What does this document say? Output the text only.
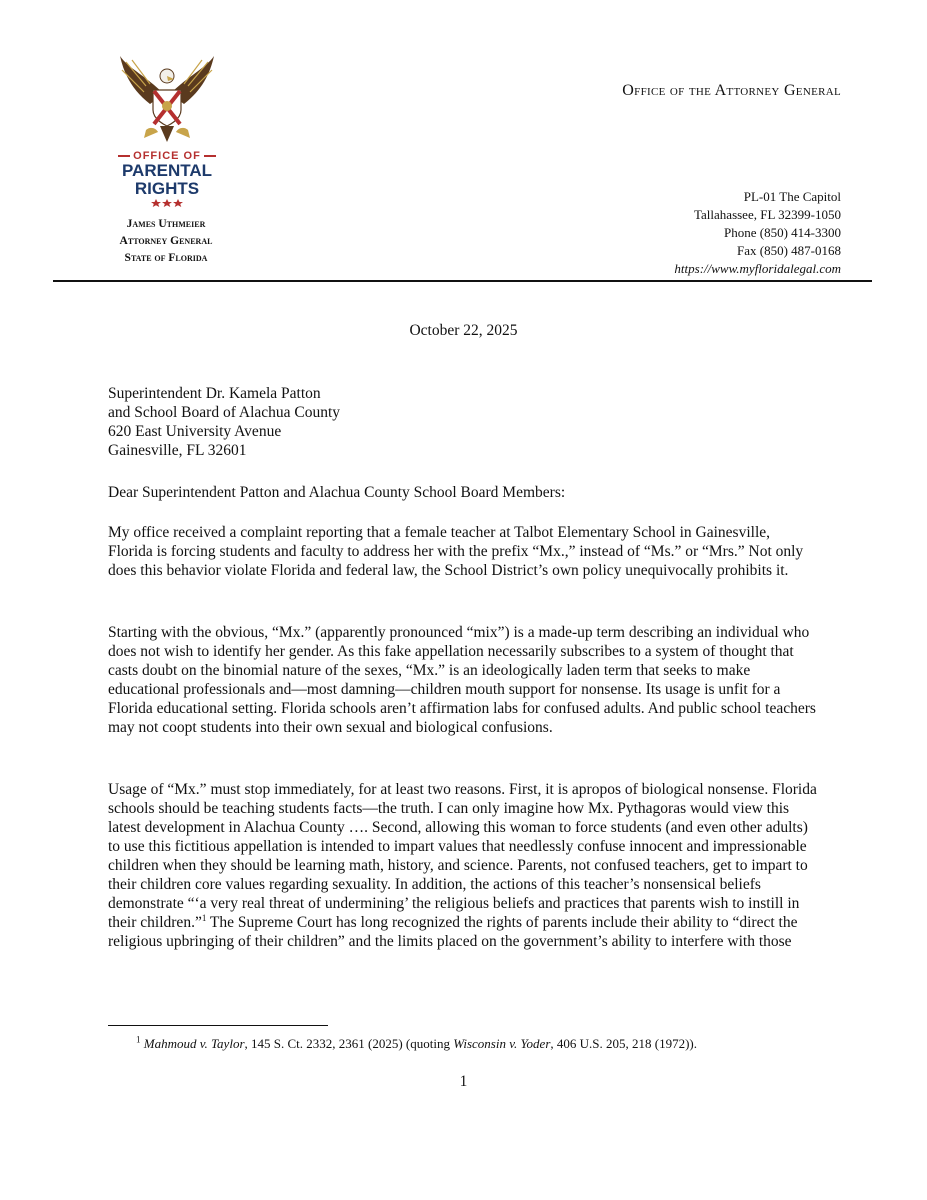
OFFICE OF
PARENTAL
RIGHTS
James Uthmeier
Attorney General
State of Florida
Office of the Attorney General
PL-01 The Capitol
Tallahassee, FL 32399-1050
Phone (850) 414-3300
Fax (850) 487-0168
https://www.myfloridalegal.com
October 22, 2025
Superintendent Dr. Kamela Patton
and School Board of Alachua County
620 East University Avenue
Gainesville, FL 32601
Dear Superintendent Patton and Alachua County School Board Members:

My office received a complaint reporting that a female teacher at Talbot Elementary School in Gainesville, Florida is forcing students and faculty to address her with the prefix “Mx.,” instead of “Ms.” or “Mrs.” Not only does this behavior violate Florida and federal law, the School District’s own policy unequivocally prohibits it.

Starting with the obvious, “Mx.” (apparently pronounced “mix”) is a made-up term describing an individual who does not wish to identify her gender. As this fake appellation necessarily subscribes to a system of thought that casts doubt on the binomial nature of the sexes, “Mx.” is an ideologically laden term that seeks to make educational professionals and—most damning—children mouth support for nonsense. Its usage is unfit for a Florida educational setting. Florida schools aren’t affirmation labs for confused adults. And public school teachers may not coopt students into their own sexual and biological confusions.

Usage of “Mx.” must stop immediately, for at least two reasons. First, it is apropos of biological nonsense. Florida schools should be teaching students facts—the truth. I can only imagine how Mx. Pythagoras would view this latest development in Alachua County …. Second, allowing this woman to force students (and even other adults) to use this fictitious appellation is intended to impart values that needlessly confuse innocent and impressionable children when they should be learning math, history, and science. Parents, not confused teachers, get to impart to their children core values regarding sexuality. In addition, the actions of this teacher’s nonsensical beliefs demonstrate “‘a very real threat of undermining’ the religious beliefs and practices that parents wish to instill in their children.”$^1$ The Supreme Court has long recognized the rights of parents include their ability to “direct the religious upbringing of their children” and the limits placed on the government’s ability to interfere with those

$^1$ Mahmoud v. Taylor, 145 S. Ct. 2332, 2361 (2025) (quoting Wisconsin v. Yoder, 406 U.S. 205, 218 (1972)).

1
